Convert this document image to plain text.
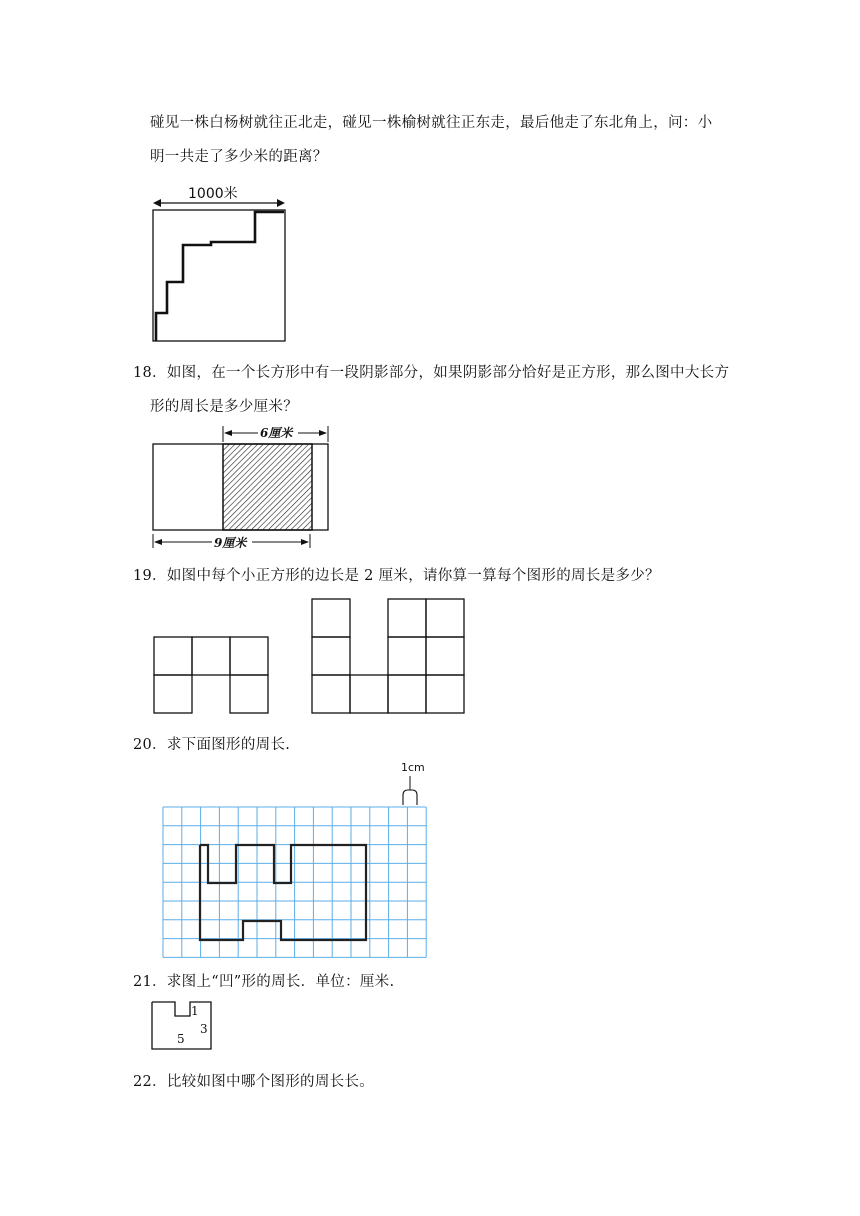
碰见一株白杨树就往正北走，碰见一株榆树就往正东走，最后他走了东北角上，问：小
明一共走了多少米的距离？
1000米
18．如图，在一个长方形中有一段阴影部分，如果阴影部分恰好是正方形，那么图中大长方
形的周长是多少厘米？
6厘米
9厘米
19．如图中每个小正方形的边长是 2 厘米，请你算一算每个图形的周长是多少？
20．求下面图形的周长.
1cm
21．求图上“凹”形的周长．单位：厘米.
1
3
5
22．比较如图中哪个图形的周长长。
